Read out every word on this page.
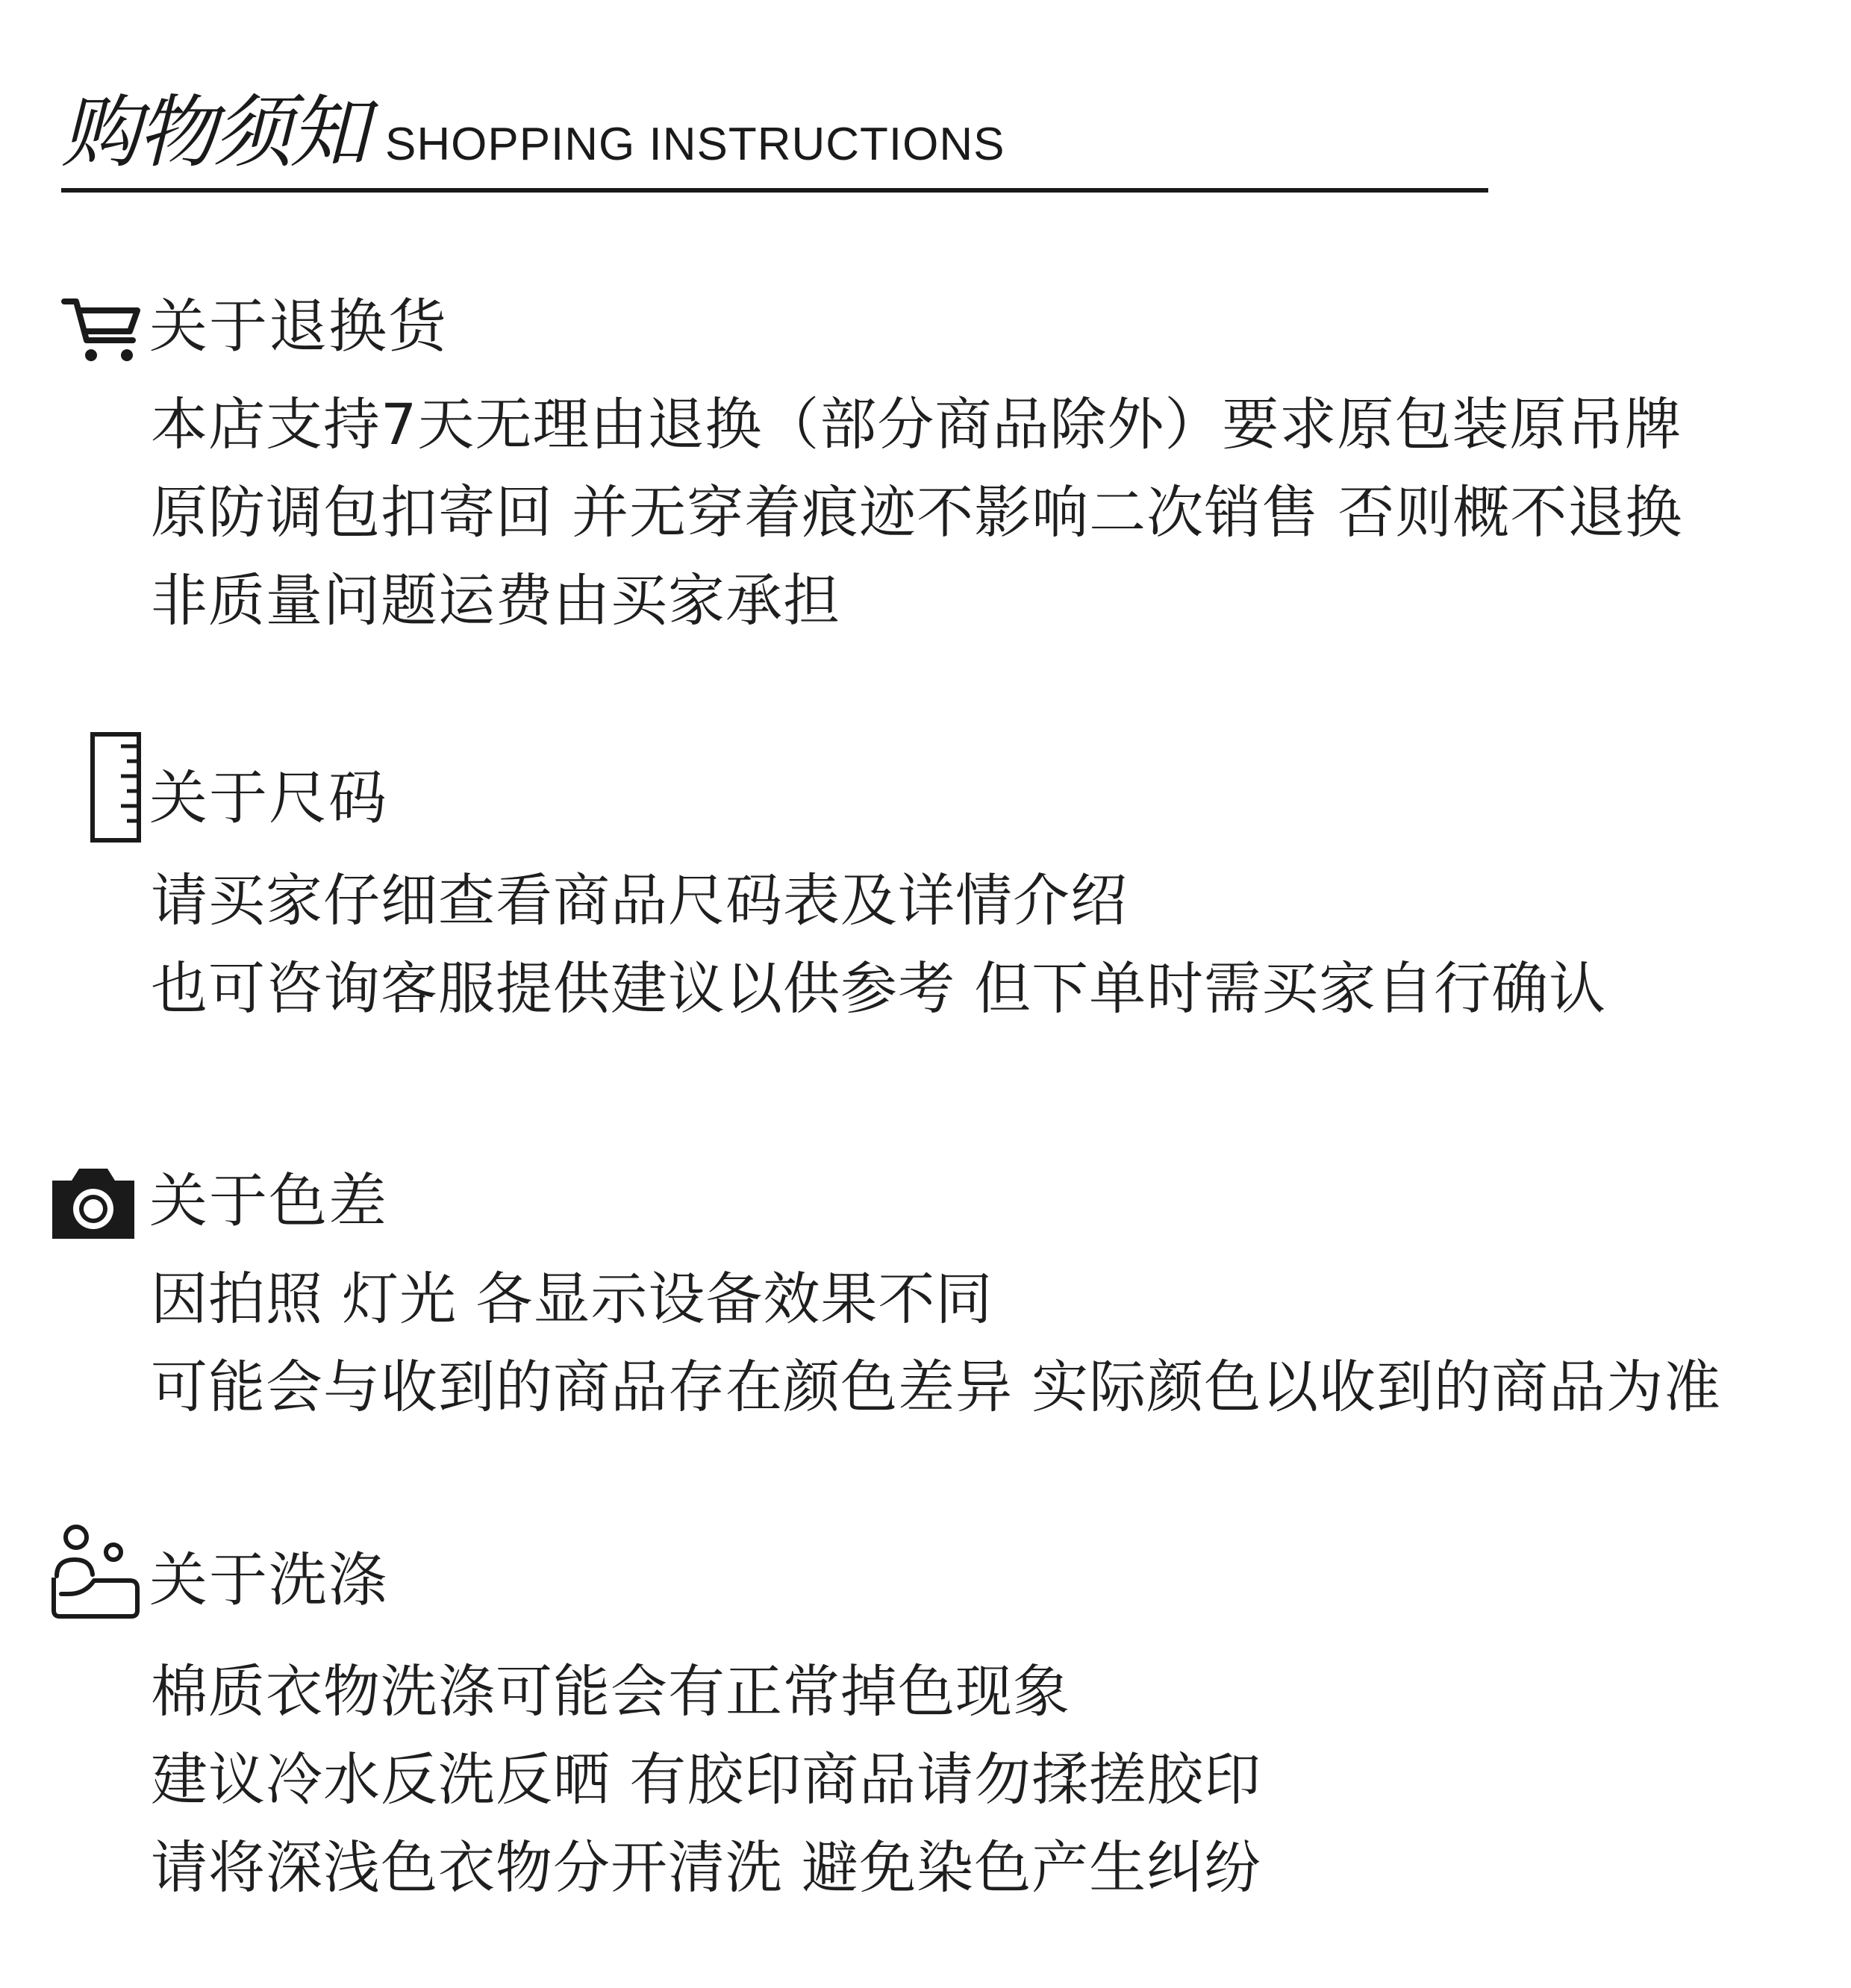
购物须知 SHOPPING INSTRUCTIONS
关于退换货
本店支持7天无理由退换（部分商品除外）要求原包装原吊牌
原防调包扣寄回 并无穿着痕迹不影响二次销售 否则概不退换
非质量问题运费由买家承担
关于尺码
请买家仔细查看商品尺码表及详情介绍
也可咨询客服提供建议以供参考 但下单时需买家自行确认
关于色差
因拍照 灯光 各显示设备效果不同
可能会与收到的商品存在颜色差异 实际颜色以收到的商品为准
关于洗涤
棉质衣物洗涤可能会有正常掉色现象
建议冷水反洗反晒 有胶印商品请勿揉搓胶印
请将深浅色衣物分开清洗 避免染色产生纠纷
